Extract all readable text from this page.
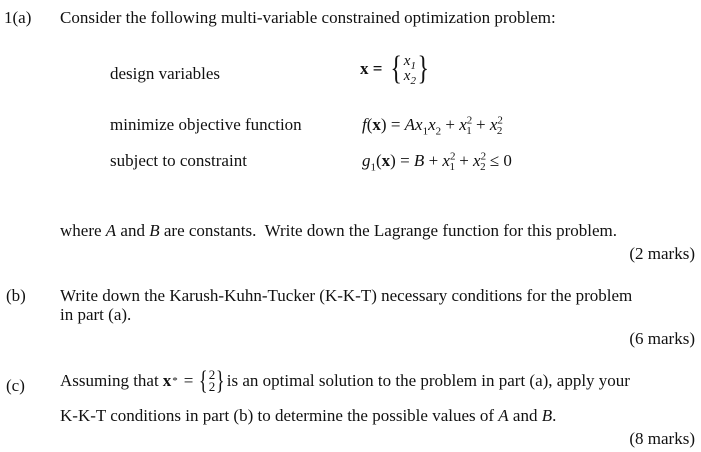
1(a) Consider the following multi-variable constrained optimization problem:
design variables	x = { $x_1$
$x_2$ }
minimize objective function	$f(x) = Ax_1x_2 + x^2_1 + x^2_2$
subject to constraint	$g_1(x) = B + x^2_1 + x^2_2 \le 0$
where A and B are constants.  Write down the Lagrange function for this problem.
(2 marks)
(b) Write down the Karush-Kuhn-Tucker (K-K-T) necessary conditions for the problem
in part (a).
(6 marks)
(c) Assuming that x * = { 2
2 } is an optimal solution to the problem in part (a), apply your
K-K-T conditions in part (b) to determine the possible values of A and B.
(8 marks)
